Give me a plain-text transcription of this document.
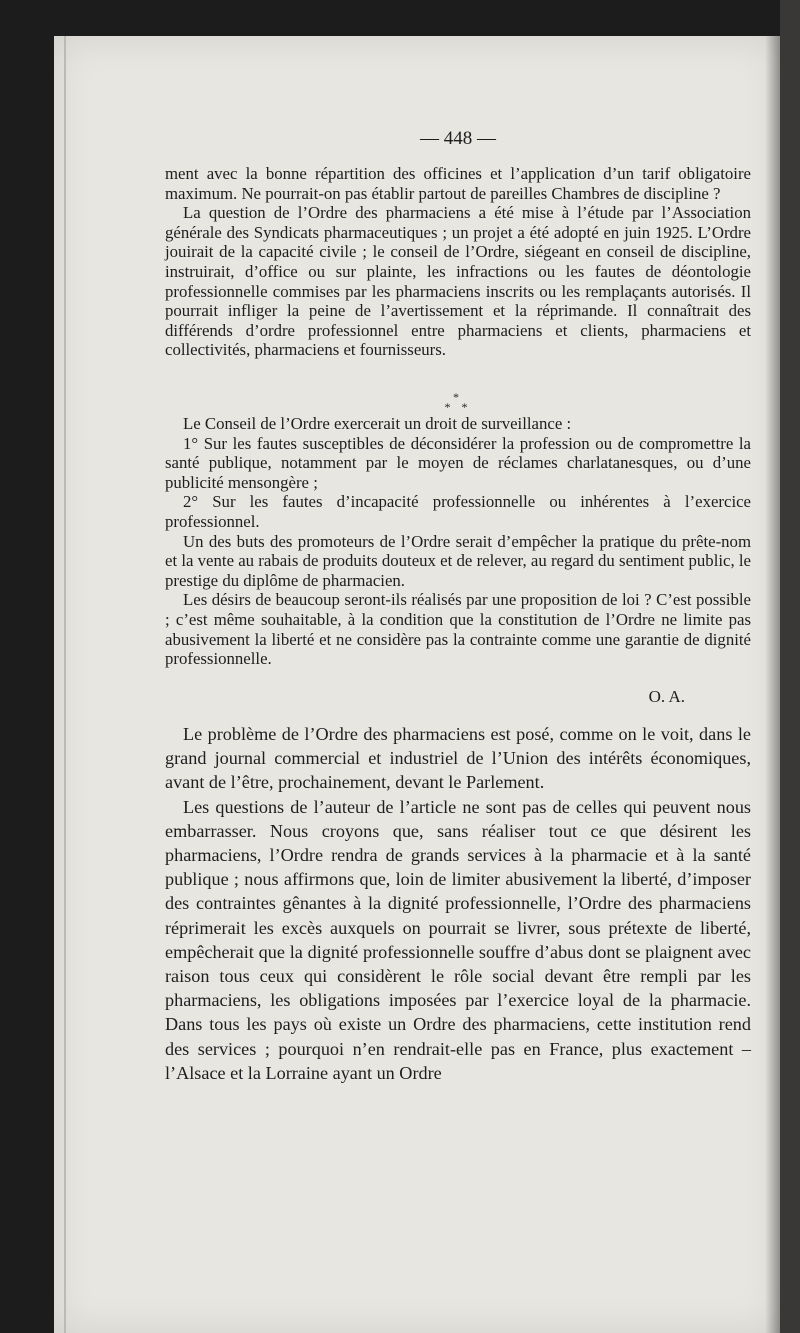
— 448 —

ment avec la bonne répartition des officines et l’application d’un tarif obligatoire maximum. Ne pourrait-on pas établir partout de pareilles Chambres de discipline ?

La question de l’Ordre des pharmaciens a été mise à l’étude par l’Association générale des Syndicats pharmaceutiques ; un projet a été adopté en juin 1925. L’Ordre jouirait de la capacité civile ; le conseil de l’Ordre, siégeant en conseil de discipline, instruirait, d’office ou sur plainte, les infractions ou les fautes de déontologie professionnelle commises par les pharmaciens inscrits ou les remplaçants autorisés. Il pourrait infliger la peine de l’avertissement et la réprimande. Il connaîtrait des différends d’ordre professionnel entre pharmaciens et clients, pharmaciens et collectivités, pharmaciens et fournisseurs.

*
* *

Le Conseil de l’Ordre exercerait un droit de surveillance :

1° Sur les fautes susceptibles de déconsidérer la profession ou de compromettre la santé publique, notamment par le moyen de réclames charlatanesques, ou d’une publicité mensongère ;

2° Sur les fautes d’incapacité professionnelle ou inhérentes à l’exercice professionnel.

Un des buts des promoteurs de l’Ordre serait d’empêcher la pratique du prête-nom et la vente au rabais de produits douteux et de relever, au regard du sentiment public, le prestige du diplôme de pharmacien.

Les désirs de beaucoup seront-ils réalisés par une proposition de loi ? C’est possible ; c’est même souhaitable, à la condition que la constitution de l’Ordre ne limite pas abusivement la liberté et ne considère pas la contrainte comme une garantie de dignité professionnelle.

O. A.

Le problème de l’Ordre des pharmaciens est posé, comme on le voit, dans le grand journal commercial et industriel de l’Union des intérêts économiques, avant de l’être, prochainement, devant le Parlement.

Les questions de l’auteur de l’article ne sont pas de celles qui peuvent nous embarrasser. Nous croyons que, sans réaliser tout ce que désirent les pharmaciens, l’Ordre rendra de grands services à la pharmacie et à la santé publique ; nous affirmons que, loin de limiter abusivement la liberté, d’imposer des contraintes gênantes à la dignité professionnelle, l’Ordre des pharmaciens réprimerait les excès auxquels on pourrait se livrer, sous prétexte de liberté, empêcherait que la dignité professionnelle souffre d’abus dont se plaignent avec raison tous ceux qui considèrent le rôle social devant être rempli par les pharmaciens, les obligations imposées par l’exercice loyal de la pharmacie. Dans tous les pays où existe un Ordre des pharmaciens, cette institution rend des services ; pourquoi n’en rendrait-elle pas en France, plus exactement – l’Alsace et la Lorraine ayant un Ordre
